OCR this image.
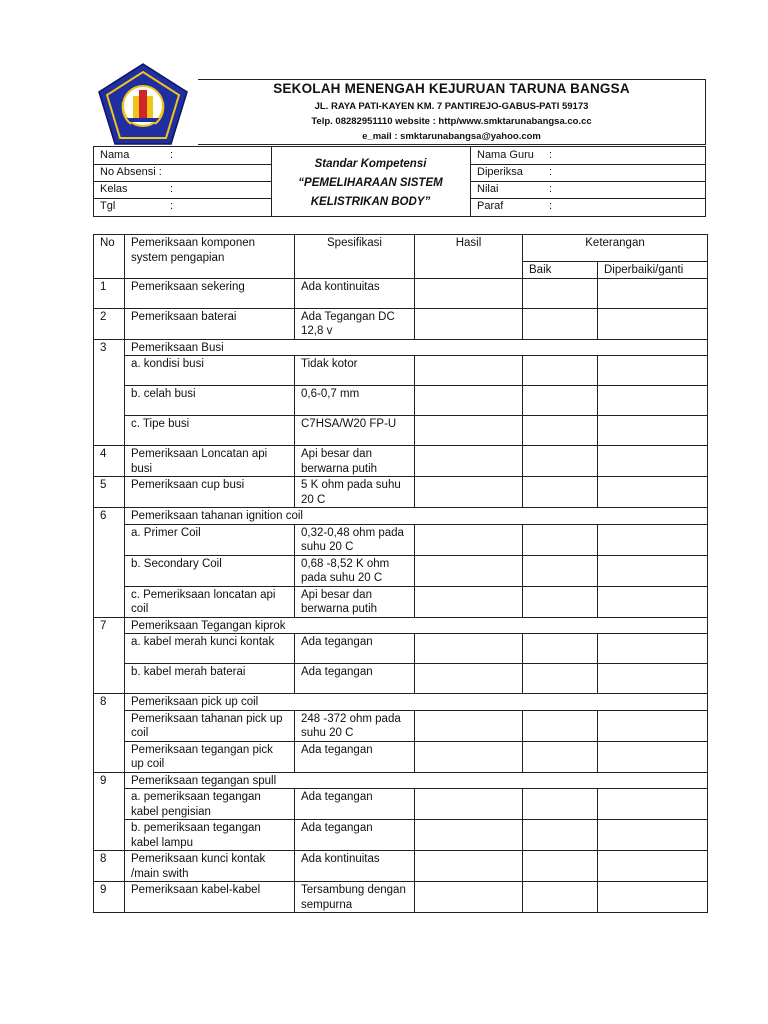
SEKOLAH MENENGAH KEJURUAN TARUNA BANGSA
JL. RAYA PATI-KAYEN KM. 7 PANTIREJO-GABUS-PATI 59173
Telp. 08282951110 website : http/www.smktarunabangsa.co.cc
e_mail : smktarunabangsa@yahoo.com
Nama	:
No Absensi :
Kelas	:
Tgl	:
Standar Kompetensi
“PEMELIHARAAN SISTEM
KELISTRIKAN BODY”
Nama Guru :
Diperiksa :
Nilai	:
Paraf	:
No	Pemeriksaan komponen system pengapian	Spesifikasi	Hasil	Keterangan	
				Baik	Diperbaiki/ganti
1	Pemeriksaan sekering	Ada kontinuitas			
2	Pemeriksaan baterai	Ada Tegangan DC 12,8 v			
3	Pemeriksaan Busi				
	a. kondisi busi	Tidak kotor			
	b. celah busi	0,6-0,7 mm			
	c. Tipe busi	C7HSA/W20 FP-U			
4	Pemeriksaan Loncatan api busi	Api besar dan berwarna putih			
5	Pemeriksaan cup busi	5 K ohm pada suhu 20 C			
6	Pemeriksaan tahanan ignition coil				
	a. Primer Coil	0,32-0,48 ohm pada suhu 20 C			
	b. Secondary Coil	0,68 -8,52 K ohm pada suhu 20 C			
	c. Pemeriksaan loncatan api coil	Api besar dan berwarna putih			
7	Pemeriksaan Tegangan kiprok				
	a. kabel merah kunci kontak	Ada tegangan			
	b. kabel merah baterai	Ada tegangan			
8	Pemeriksaan pick up coil				
	Pemeriksaan tahanan pick up coil	248 -372 ohm pada suhu 20 C			
	Pemeriksaan tegangan pick up coil	Ada tegangan			
9	Pemeriksaan tegangan spull				
	a. pemeriksaan tegangan kabel pengisian	Ada tegangan			
	b. pemeriksaan tegangan kabel lampu	Ada tegangan			
8	Pemeriksaan kunci kontak /main swith	Ada kontinuitas			
9	Pemeriksaan kabel-kabel	Tersambung dengan sempurna			
